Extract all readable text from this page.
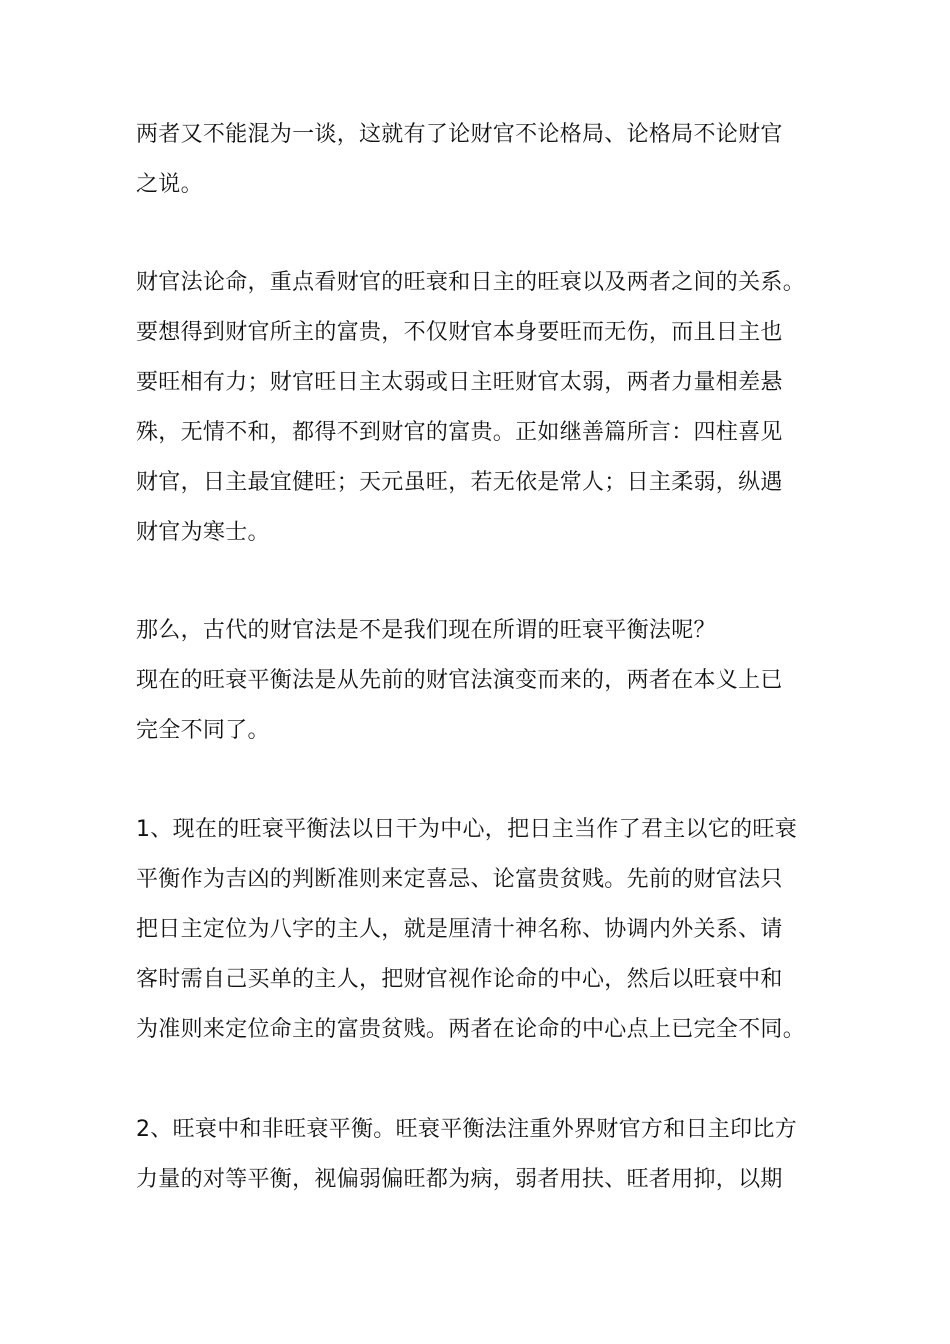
两者又不能混为一谈，这就有了论财官不论格局、论格局不论财官
之说。
财官法论命，重点看财官的旺衰和日主的旺衰以及两者之间的关系。
要想得到财官所主的富贵，不仅财官本身要旺而无伤，而且日主也
要旺相有力；财官旺日主太弱或日主旺财官太弱，两者力量相差悬
殊，无情不和，都得不到财官的富贵。正如继善篇所言：四柱喜见
财官，日主最宜健旺；天元虽旺，若无依是常人；日主柔弱，纵遇
财官为寒士。
那么，古代的财官法是不是我们现在所谓的旺衰平衡法呢？
现在的旺衰平衡法是从先前的财官法演变而来的，两者在本义上已
完全不同了。
1、现在的旺衰平衡法以日干为中心，把日主当作了君主以它的旺衰
平衡作为吉凶的判断准则来定喜忌、论富贵贫贱。先前的财官法只
把日主定位为八字的主人，就是厘清十神名称、协调内外关系、请
客时需自己买单的主人，把财官视作论命的中心，然后以旺衰中和
为准则来定位命主的富贵贫贱。两者在论命的中心点上已完全不同。
2、旺衰中和非旺衰平衡。旺衰平衡法注重外界财官方和日主印比方
力量的对等平衡，视偏弱偏旺都为病，弱者用扶、旺者用抑，以期
